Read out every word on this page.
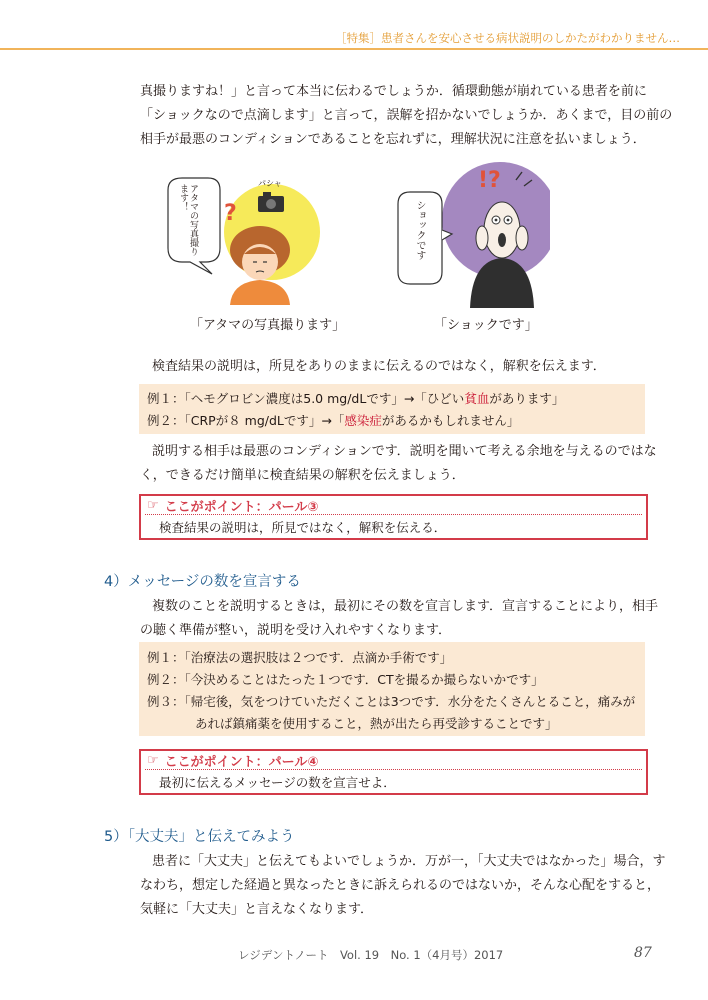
［特集］患者さんを安心させる病状説明のしかたがわかりません…
真撮りますね！」と言って本当に伝わるでしょうか．循環動態が崩れている患者を前に
「ショックなので点滴します」と言って，誤解を招かないでしょうか．あくまで，目の前の
相手が最悪のコンディションであることを忘れずに，理解状況に注意を払いましょう．
?
アタマの写真撮ります！
パシャ
「アタマの写真撮ります」
!?
ショックです
「ショックです」
検査結果の説明は，所見をありのままに伝えるのではなく，解釈を伝えます．
例１：「ヘモグロビン濃度は5.0 mg/dLです」→「ひどい貧血があります」
例２：「CRPが８ mg/dLです」→「感染症があるかもしれません」
説明する相手は最悪のコンディションです．説明を聞いて考える余地を与えるのではな
く，できるだけ簡単に検査結果の解釈を伝えましょう．
☞ ここがポイント：パール③
検査結果の説明は，所見ではなく，解釈を伝える．
4）メッセージの数を宣言する
複数のことを説明するときは，最初にその数を宣言します．宣言することにより，相手
の聴く準備が整い，説明を受け入れやすくなります．
例１：「治療法の選択肢は２つです．点滴か手術です」
例２：「今決めることはたった１つです．CTを撮るか撮らないかです」
例３：「帰宅後，気をつけていただくことは3つです．水分をたくさんとること，痛みが
あれば鎮痛薬を使用すること，熱が出たら再受診することです」
☞ ここがポイント：パール④
最初に伝えるメッセージの数を宣言せよ．
5）「大丈夫」と伝えてみよう
患者に「大丈夫」と伝えてもよいでしょうか．万が一，「大丈夫ではなかった」場合，す
なわち，想定した経過と異なったときに訴えられるのではないか，そんな心配をすると，
気軽に「大丈夫」と言えなくなります．
レジデントノート　Vol. 19　No. 1（4月号）2017	87
